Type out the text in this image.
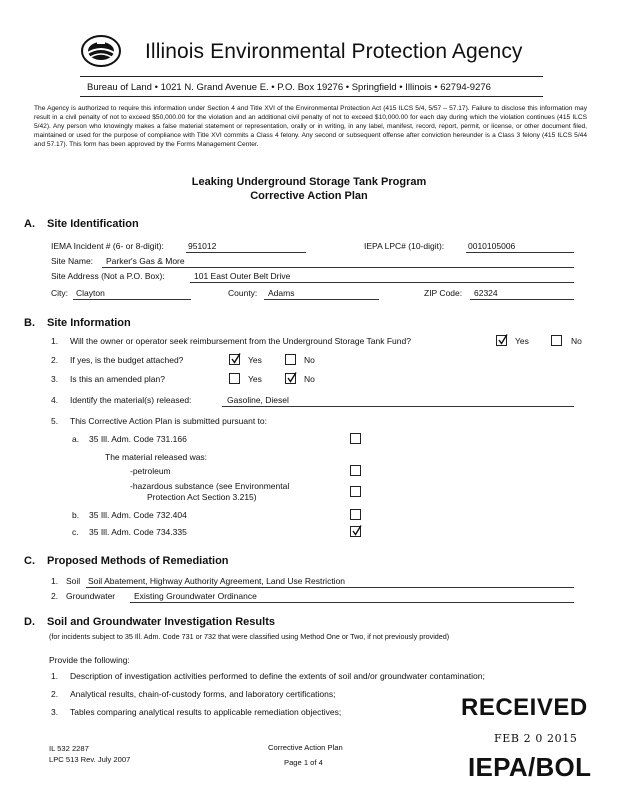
Illinois Environmental Protection Agency
Bureau of Land • 1021 N. Grand Avenue E. • P.O. Box 19276 • Springfield • Illinois • 62794-9276
The Agency is authorized to require this information under Section 4 and Title XVI of the Environmental Protection Act (415 ILCS 5/4, 5/57 – 57.17). Failure to disclose this information may result in a civil penalty of not to exceed $50,000.00 for the violation and an additional civil penalty of not to exceed $10,000.00 for each day during which the violation continues (415 ILCS 5/42). Any person who knowingly makes a false material statement or representation, orally or in writing, in any label, manifest, record, report, permit, or license, or other document filed, maintained or used for the purpose of compliance with Title XVI commits a Class 4 felony. Any second or subsequent offense after conviction hereunder is a Class 3 felony (415 ILCS 5/44 and 57.17). This form has been approved by the Forms Management Center.
Leaking Underground Storage Tank Program
Corrective Action Plan
A. Site Identification
IEMA Incident # (6- or 8-digit):	951012	IEPA LPC# (10-digit):	0010105006
Site Name: Parker's Gas & More
Site Address (Not a P.O. Box):	101 East Outer Belt Drive
City: Clayton	County: Adams	ZIP Code: 62324
B. Site Information
1. Will the owner or operator seek reimbursement from the Underground Storage Tank Fund?	Yes	No
2. If yes, is the budget attached?	Yes	No
3. Is this an amended plan?	Yes	No
4. Identify the material(s) released:	Gasoline, Diesel
5. This Corrective Action Plan is submitted pursuant to:
a. 35 Ill. Adm. Code 731.166
The material released was:
-petroleum
-hazardous substance (see Environmental
Protection Act Section 3.215)
b. 35 Ill. Adm. Code 732.404
c. 35 Ill. Adm. Code 734.335
C. Proposed Methods of Remediation
1. Soil Soil Abatement, Highway Authority Agreement, Land Use Restriction
2. Groundwater Existing Groundwater Ordinance
D. Soil and Groundwater Investigation Results
(for incidents subject to 35 Ill. Adm. Code 731 or 732 that were classified using Method One or Two, if not previously provided)
Provide the following:
1. Description of investigation activities performed to define the extents of soil and/or groundwater contamination;
2. Analytical results, chain-of-custody forms, and laboratory certifications;
3. Tables comparing analytical results to applicable remediation objectives;
IL 532 2287
LPC 513 Rev. July 2007
Corrective Action Plan
Page 1 of 4
RECEIVED
FEB 2 0 2015
IEPA/BOL
